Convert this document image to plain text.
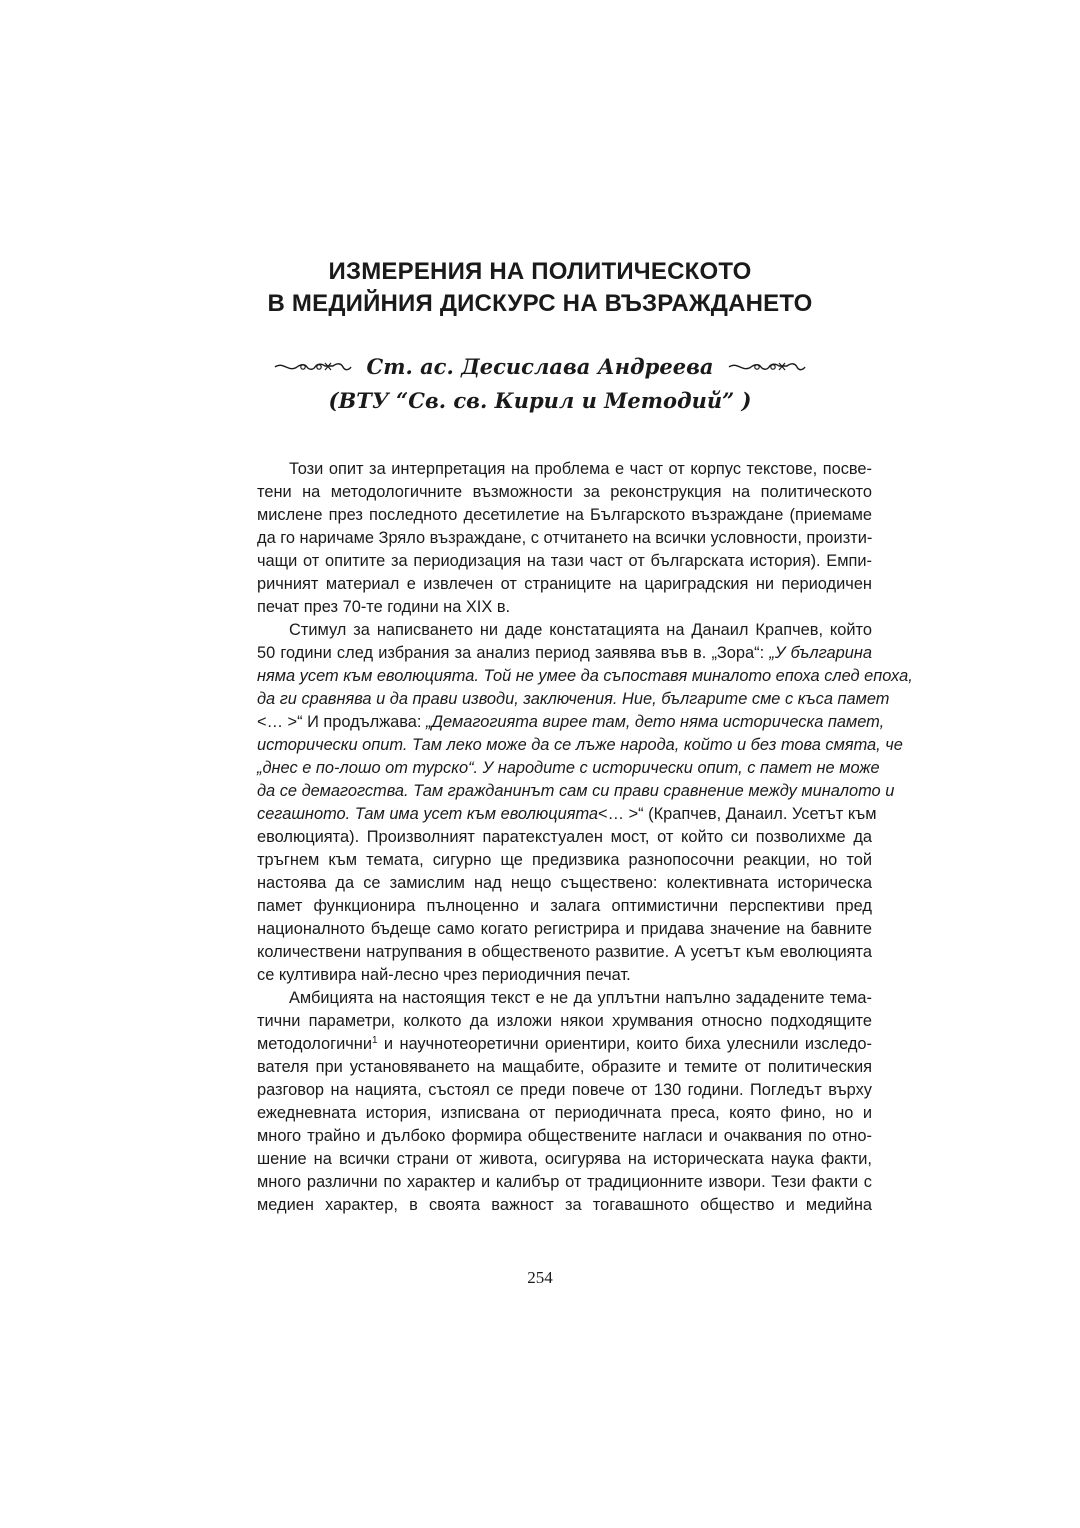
ИЗМЕРЕНИЯ НА ПОЛИТИЧЕСКОТО
В МЕДИЙНИЯ ДИСКУРС НА ВЪЗРАЖДАНЕТО
Ст. ас. Десислава Андреева
(ВТУ “Св. св. Кирил и Методий” )
Този опит за интерпретация на проблема е част от корпус текстове, посве-
тени на методологичните възможности за реконструкция на политическото
мислене през последното десетилетие на Българското възраждане (приемаме
да го наричаме Зряло възраждане, с отчитането на всички условности, произти-
чащи от опитите за периодизация на тази част от българската история). Емпи-
ричният материал е извлечен от страниците на цариградския ни периодичен
печат през 70-те години на XIX в.
Стимул за написването ни даде констатацията на Данаил Крапчев, който
50 години след избрания за анализ период заявява във в. „Зора“: „У българина
няма усет към еволюцията. Той не умее да съпоставя миналото епоха след епоха,
да ги сравнява и да прави изводи, заключения. Ние, българите сме с къса памет
<… >“ И продължава: „Демагогията вирее там, дето няма историческа памет,
исторически опит. Там леко може да се лъже народа, който и без това смята, че
„днес е по-лошо от турско“. У народите с исторически опит, с памет не може
да се демагогства. Там гражданинът сам си прави сравнение между миналото и
сегашното. Там има усет към еволюцията<… >“ (Крапчев, Данаил. Усетът към
еволюцията). Произволният паратекстуален мост, от който си позволихме да
тръгнем към темата, сигурно ще предизвика разнопосочни реакции, но той
настоява да се замислим над нещо съществено: колективната историческа
памет функционира пълноценно и залага оптимистични перспективи пред
националното бъдеще само когато регистрира и придава значение на бавните
количествени натрупвания в общественото развитие. А усетът към еволюцията
се култивира най-лесно чрез периодичния печат.
Амбицията на настоящия текст е не да уплътни напълно зададените тема-
тични параметри, колкото да изложи някои хрумвания относно подходящите
методологични$^1$ и научнотеоретични ориентири, които биха улеснили изследо-
вателя при установяването на мащабите, образите и темите от политическия
разговор на нацията, състоял се преди повече от 130 години. Погледът върху
ежедневната история, изписвана от периодичната преса, която фино, но и
много трайно и дълбоко формира обществените нагласи и очаквания по отно-
шение на всички страни от живота, осигурява на историческата наука факти,
много различни по характер и калибър от традиционните извори. Тези факти с
медиен характер, в своята важност за тогавашното общество и медийна
254
